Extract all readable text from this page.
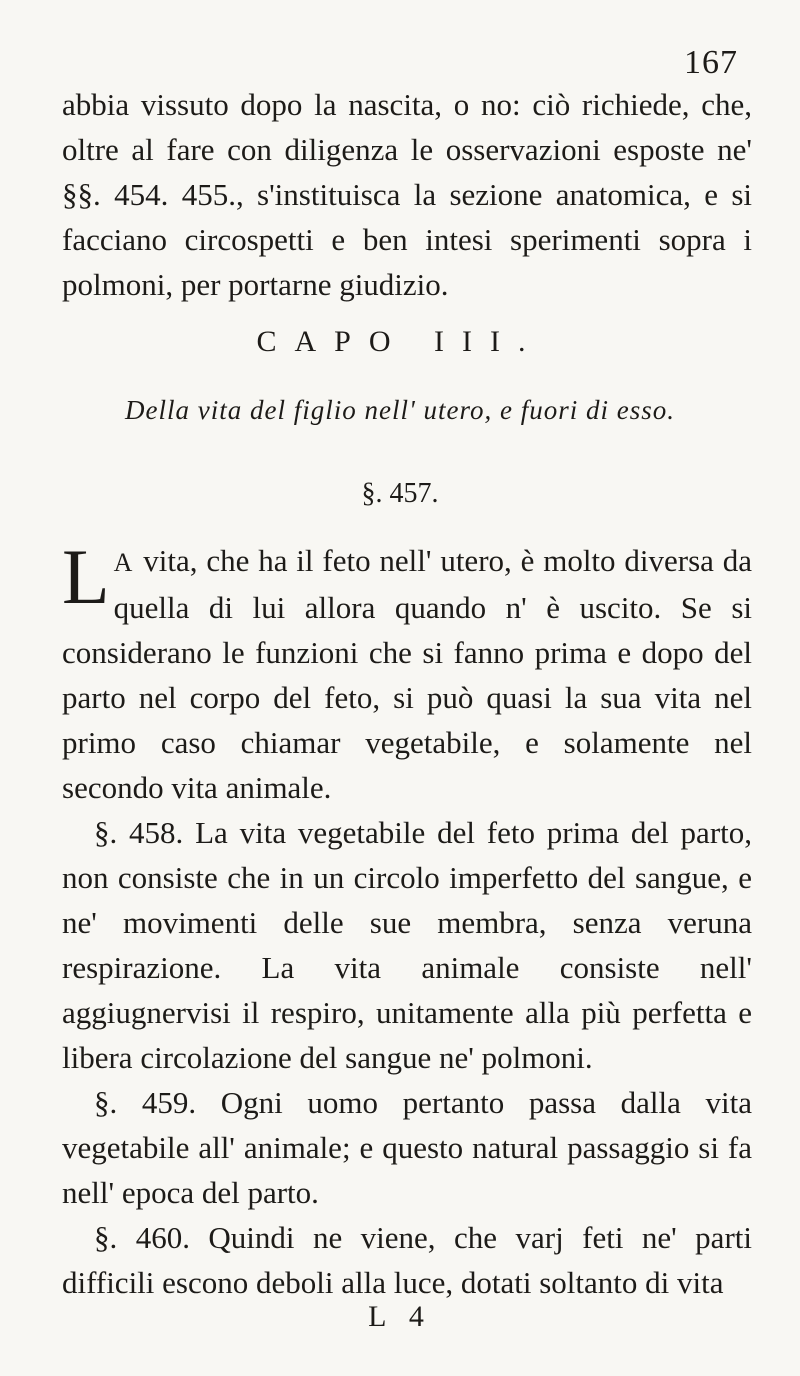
167

abbia vissuto dopo la nascita, o no: ciò richiede, che, oltre al fare con diligenza le osservazioni esposte ne' §§. 454. 455., s'instituisca la sezione anatomica, e si facciano circospetti e ben intesi sperimenti sopra i polmoni, per portarne giudizio.

CAPO III.
Della vita del figlio nell' utero, e fuori di esso.
§. 457.

L A vita, che ha il feto nell' utero, è molto diversa da quella di lui allora quando n' è uscito. Se si considerano le funzioni che si fanno prima e dopo del parto nel corpo del feto, si può quasi la sua vita nel primo caso chiamar vegetabile, e solamente nel secondo vita animale.

§. 458. La vita vegetabile del feto prima del parto, non consiste che in un circolo imperfetto del sangue, e ne' movimenti delle sue membra, senza veruna respirazione. La vita animale consiste nell' aggiugnervisi il respiro, unitamente alla più perfetta e libera circolazione del sangue ne' polmoni.

§. 459. Ogni uomo pertanto passa dalla vita vegetabile all' animale; e questo natural passaggio si fa nell' epoca del parto.

§. 460. Quindi ne viene, che varj feti ne' parti difficili escono deboli alla luce, dotati soltanto di vita

L 4
